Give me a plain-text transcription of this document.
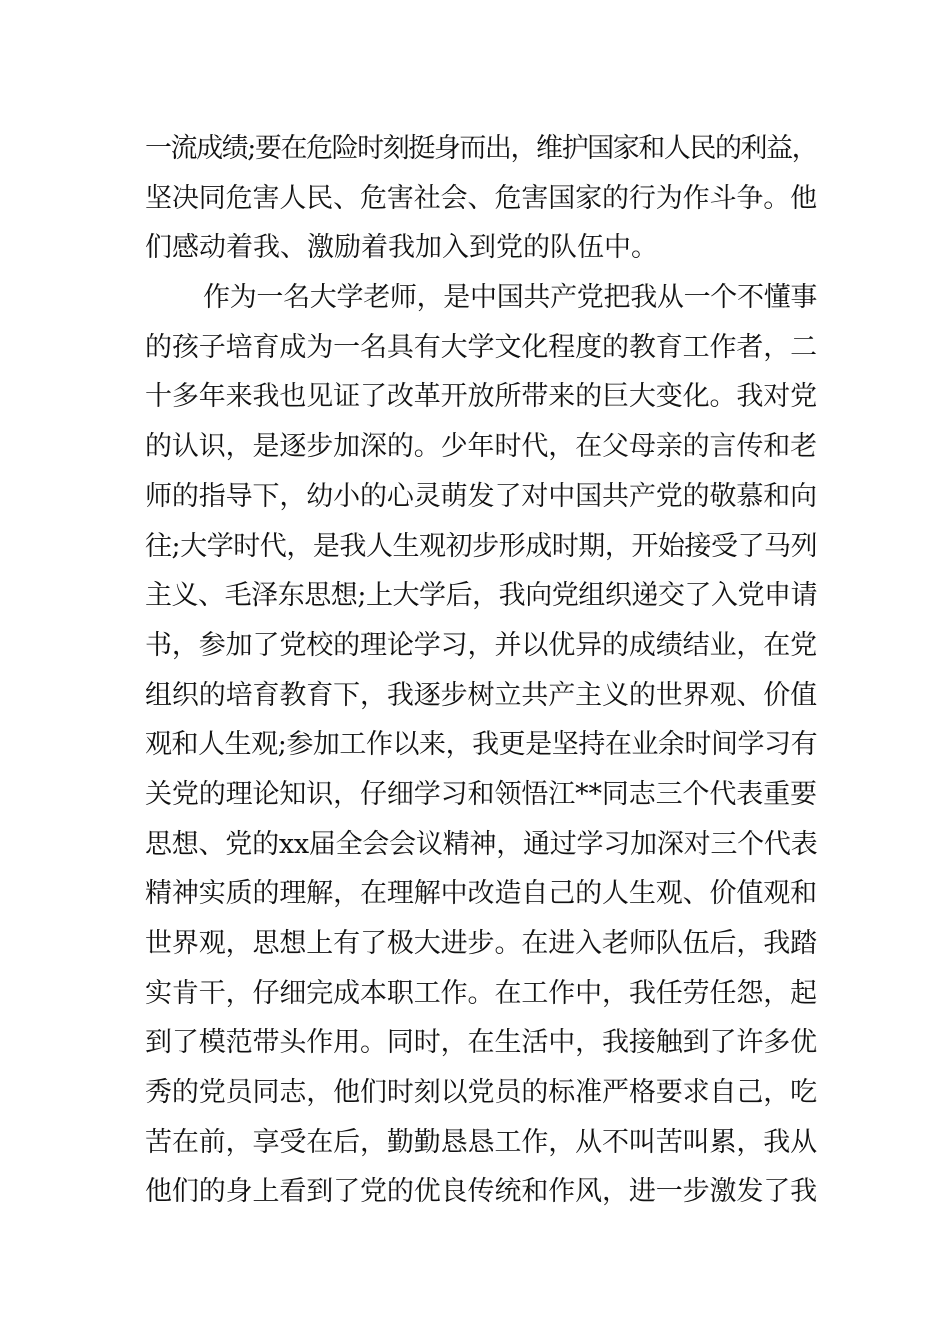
一流成绩;要在危险时刻挺身而出，维护国家和人民的利益，
坚决同危害人民、危害社会、危害国家的行为作斗争。他
们感动着我、激励着我加入到党的队伍中。
作为一名大学老师，是中国共产党把我从一个不懂事
的孩子培育成为一名具有大学文化程度的教育工作者，二
十多年来我也见证了改革开放所带来的巨大变化。我对党
的认识，是逐步加深的。少年时代，在父母亲的言传和老
师的指导下，幼小的心灵萌发了对中国共产党的敬慕和向
往;大学时代，是我人生观初步形成时期，开始接受了马列
主义、毛泽东思想;上大学后，我向党组织递交了入党申请
书，参加了党校的理论学习，并以优异的成绩结业，在党
组织的培育教育下，我逐步树立共产主义的世界观、价值
观和人生观;参加工作以来，我更是坚持在业余时间学习有
关党的理论知识，仔细学习和领悟江**同志三个代表重要
思想、党的xx届全会会议精神，通过学习加深对三个代表
精神实质的理解，在理解中改造自己的人生观、价值观和
世界观，思想上有了极大进步。在进入老师队伍后，我踏
实肯干，仔细完成本职工作。在工作中，我任劳任怨，起
到了模范带头作用。同时，在生活中，我接触到了许多优
秀的党员同志，他们时刻以党员的标准严格要求自己，吃
苦在前，享受在后，勤勤恳恳工作，从不叫苦叫累，我从
他们的身上看到了党的优良传统和作风，进一步激发了我
